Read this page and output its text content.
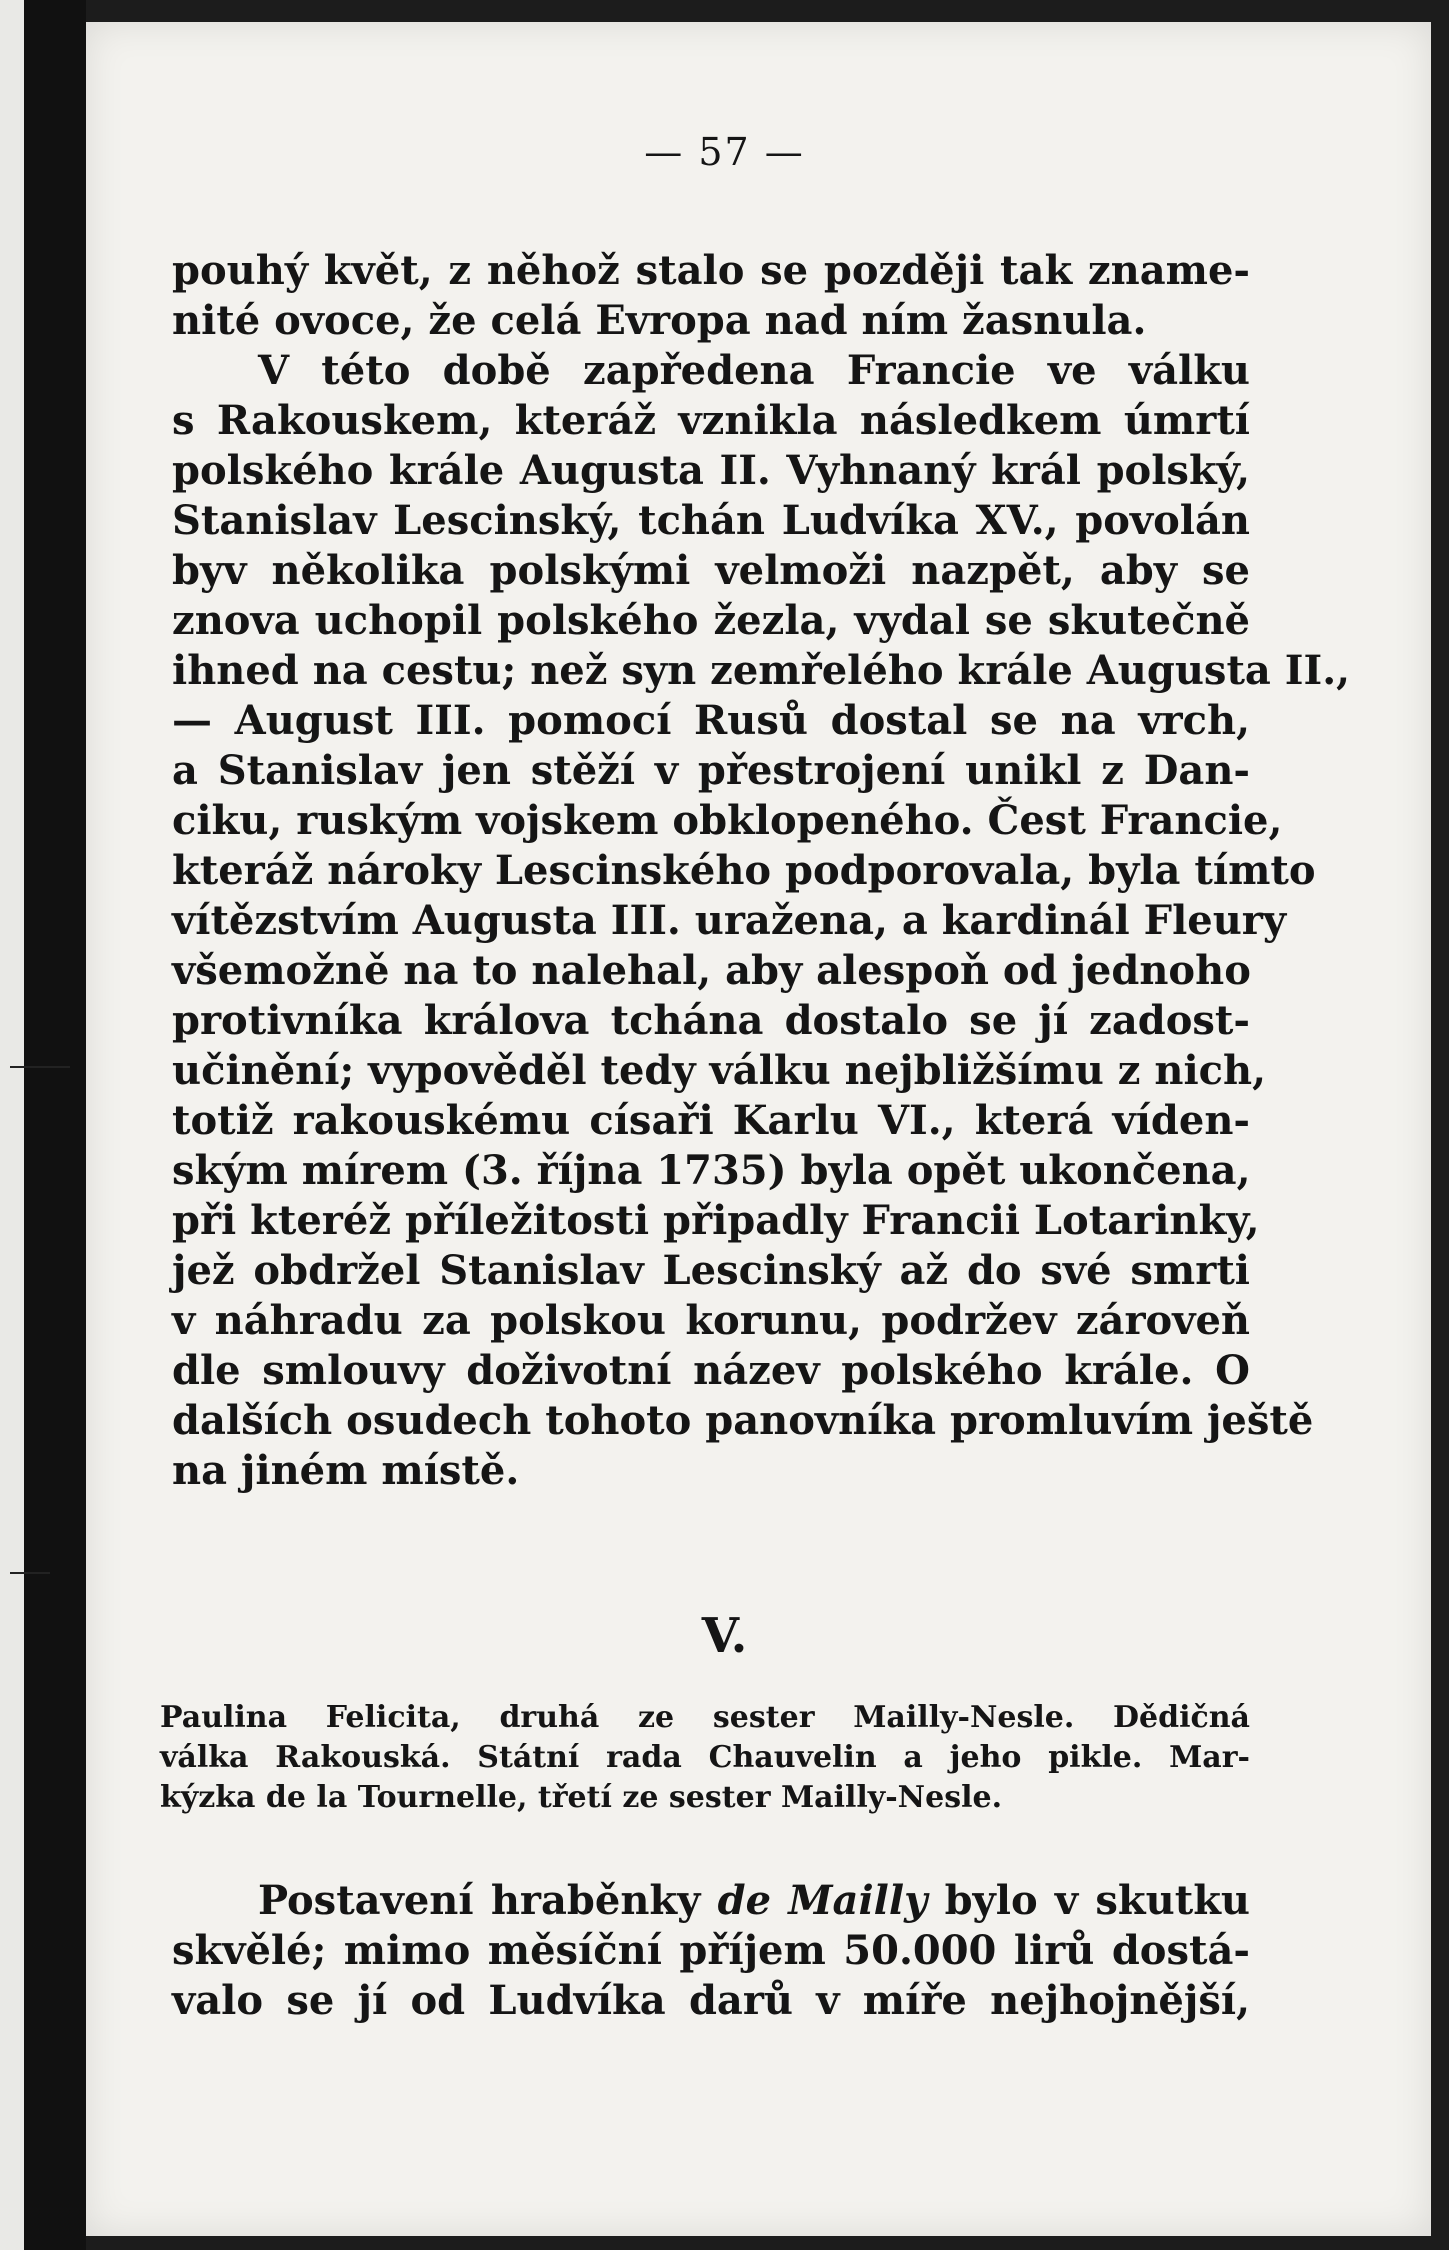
— 57 —
pouhý květ, z něhož stalo se později tak zname-
nité ovoce, že celá Evropa nad ním žasnula.
V této době zapředena Francie ve válku
s Rakouskem, kteráž vznikla následkem úmrtí
polského krále Augusta II. Vyhnaný král polský,
Stanislav Lescinský, tchán Ludvíka XV., povolán
byv několika polskými velmoži nazpět, aby se
znova uchopil polského žezla, vydal se skutečně
ihned na cestu; než syn zemřelého krále Augusta II.,
— August III. pomocí Rusů dostal se na vrch,
a Stanislav jen stěží v přestrojení unikl z Dan-
ciku, ruským vojskem obklopeného. Čest Francie,
kteráž nároky Lescinského podporovala, byla tímto
vítězstvím Augusta III. uražena, a kardinál Fleury
všemožně na to nalehal, aby alespoň od jednoho
protivníka králova tchána dostalo se jí zadost-
učinění; vypověděl tedy válku nejbližšímu z nich,
totiž rakouskému císaři Karlu VI., která víden-
ským mírem (3. října 1735) byla opět ukončena,
při kteréž příležitosti připadly Francii Lotarinky,
jež obdržel Stanislav Lescinský až do své smrti
v náhradu za polskou korunu, podržev zároveň
dle smlouvy doživotní název polského krále. O
dalších osudech tohoto panovníka promluvím ještě
na jiném místě.
V.
Paulina Felicita, druhá ze sester Mailly-Nesle. Dědičná
válka Rakouská. Státní rada Chauvelin a jeho pikle. Mar-
kýzka de la Tournelle, třetí ze sester Mailly-Nesle.
Postavení hraběnky de Mailly bylo v skutku
skvělé; mimo měsíční příjem 50.000 lirů dostá-
valo se jí od Ludvíka darů v míře nejhojnější,
